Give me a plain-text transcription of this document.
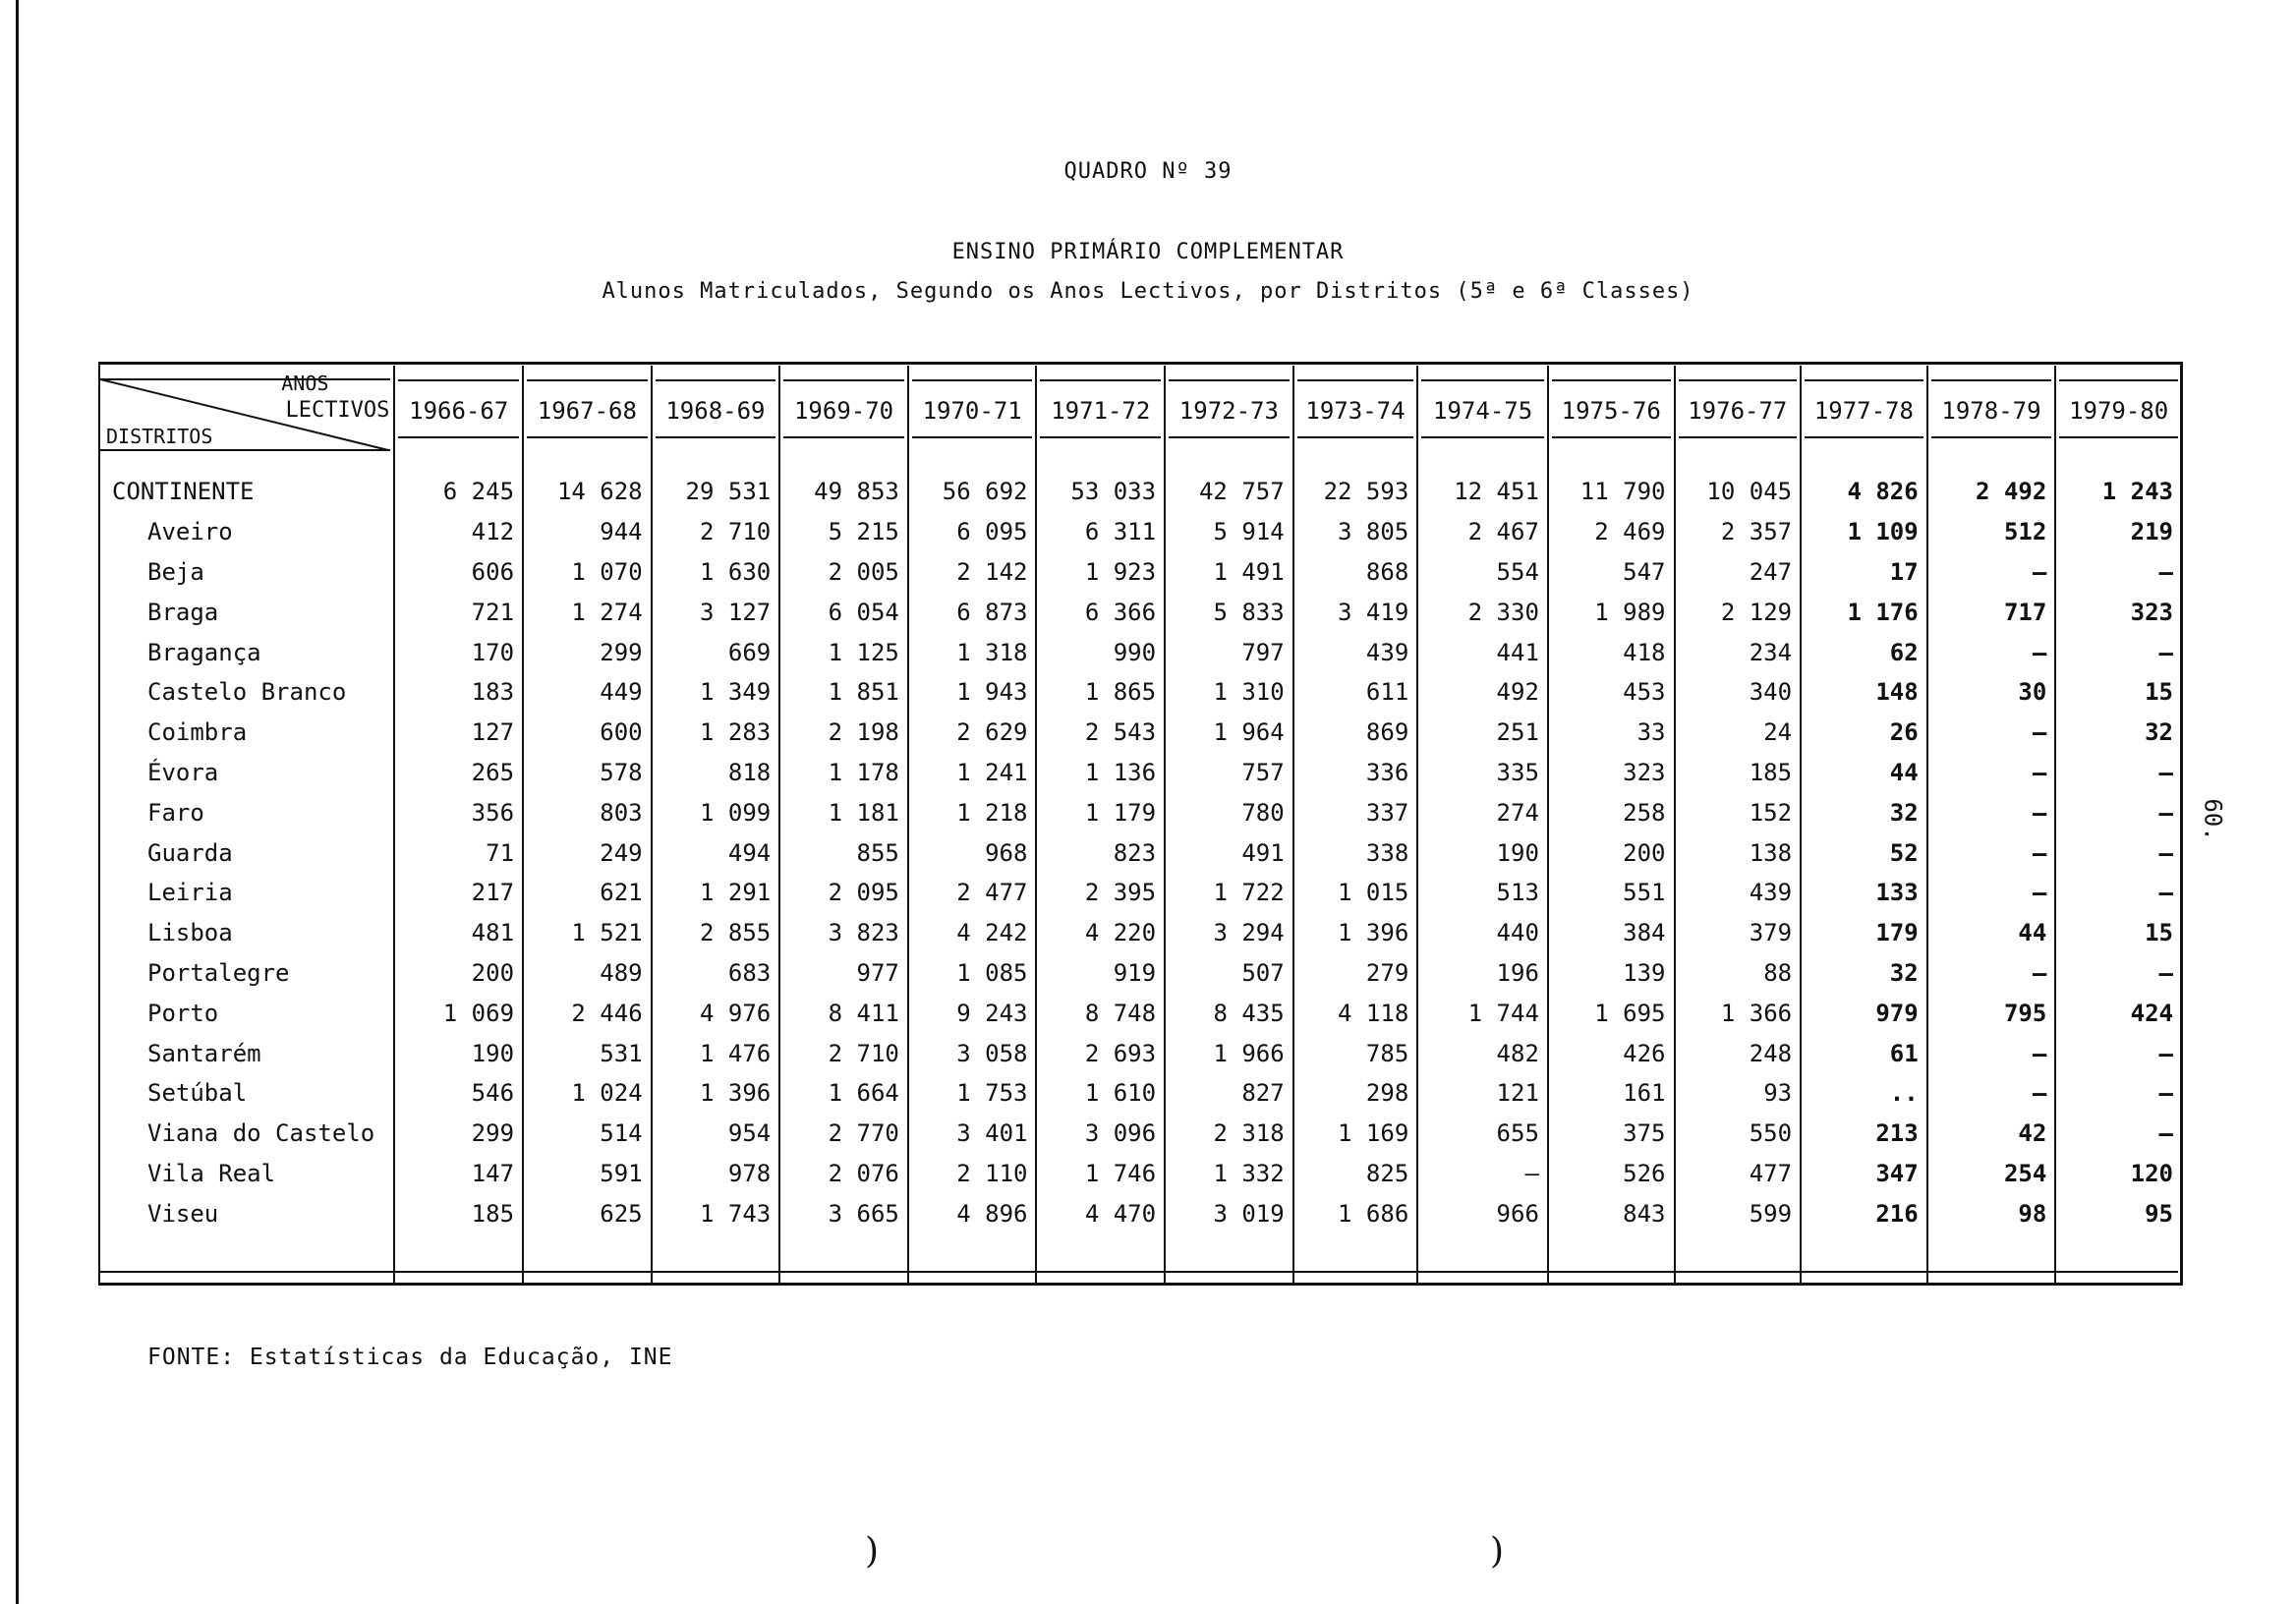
QUADRO Nº 39
ENSINO PRIMÁRIO COMPLEMENTAR
Alunos Matriculados, Segundo os Anos Lectivos, por Distritos (5ª e 6ª Classes)
60.
ANOS
LECTIVOS
DISTRITOS	1966-67	1967-68	1968-69	1969-70	1970-71	1971-72	1972-73	1973-74	1974-75	1975-76	1976-77	1977-78	1978-79	1979-80

CONTINENTE	6 245	14 628	29 531	49 853	56 692	53 033	42 757	22 593	12 451	11 790	10 045	4 826	2 492	1 243
Aveiro	412	944	2 710	5 215	6 095	6 311	5 914	3 805	2 467	2 469	2 357	1 109	512	219
Beja	606	1 070	1 630	2 005	2 142	1 923	1 491	868	554	547	247	17	—	—
Braga	721	1 274	3 127	6 054	6 873	6 366	5 833	3 419	2 330	1 989	2 129	1 176	717	323
Bragança	170	299	669	1 125	1 318	990	797	439	441	418	234	62	—	—
Castelo Branco	183	449	1 349	1 851	1 943	1 865	1 310	611	492	453	340	148	30	15
Coimbra	127	600	1 283	2 198	2 629	2 543	1 964	869	251	33	24	26	—	32
Évora	265	578	818	1 178	1 241	1 136	757	336	335	323	185	44	—	—
Faro	356	803	1 099	1 181	1 218	1 179	780	337	274	258	152	32	—	—
Guarda	71	249	494	855	968	823	491	338	190	200	138	52	—	—
Leiria	217	621	1 291	2 095	2 477	2 395	1 722	1 015	513	551	439	133	—	—
Lisboa	481	1 521	2 855	3 823	4 242	4 220	3 294	1 396	440	384	379	179	44	15
Portalegre	200	489	683	977	1 085	919	507	279	196	139	88	32	—	—
Porto	1 069	2 446	4 976	8 411	9 243	8 748	8 435	4 118	1 744	1 695	1 366	979	795	424
Santarém	190	531	1 476	2 710	3 058	2 693	1 966	785	482	426	248	61	—	—
Setúbal	546	1 024	1 396	1 664	1 753	1 610	827	298	121	161	93	..	—	—
Viana do Castelo	299	514	954	2 770	3 401	3 096	2 318	1 169	655	375	550	213	42	—
Vila Real	147	591	978	2 076	2 110	1 746	1 332	825	—	526	477	347	254	120
Viseu	185	625	1 743	3 665	4 896	4 470	3 019	1 686	966	843	599	216	98	95

FONTE: Estatísticas da Educação, INE
)	)
